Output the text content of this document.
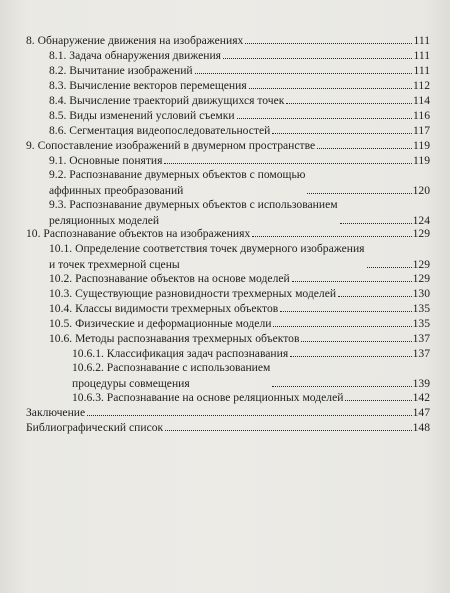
8. Обнаружение движения на изображениях	111
8.1. Задача обнаружения движения	111
8.2. Вычитание изображений	111
8.3. Вычисление векторов перемещения	112
8.4. Вычисление траекторий движущихся точек	114
8.5. Виды изменений условий съемки	116
8.6. Сегментация видеопоследовательностей	117
9. Сопоставление изображений в двумерном пространстве	119
9.1. Основные понятия	119
9.2. Распознавание двумерных объектов с помощью
аффинных преобразований	120
9.3. Распознавание двумерных объектов с использованием
реляционных моделей	124
10. Распознавание объектов на изображениях	129
10.1. Определение соответствия точек двумерного изображения
и точек трехмерной сцены	129
10.2. Распознавание объектов на основе моделей	129
10.3. Существующие разновидности трехмерных моделей	130
10.4. Классы видимости трехмерных объектов	135
10.5. Физические и деформационные модели	135
10.6. Методы распознавания трехмерных объектов	137
10.6.1. Классификация задач распознавания	137
10.6.2. Распознавание с использованием
процедуры совмещения	139
10.6.3. Распознавание на основе реляционных моделей	142
Заключение	147
Библиографический список	148
